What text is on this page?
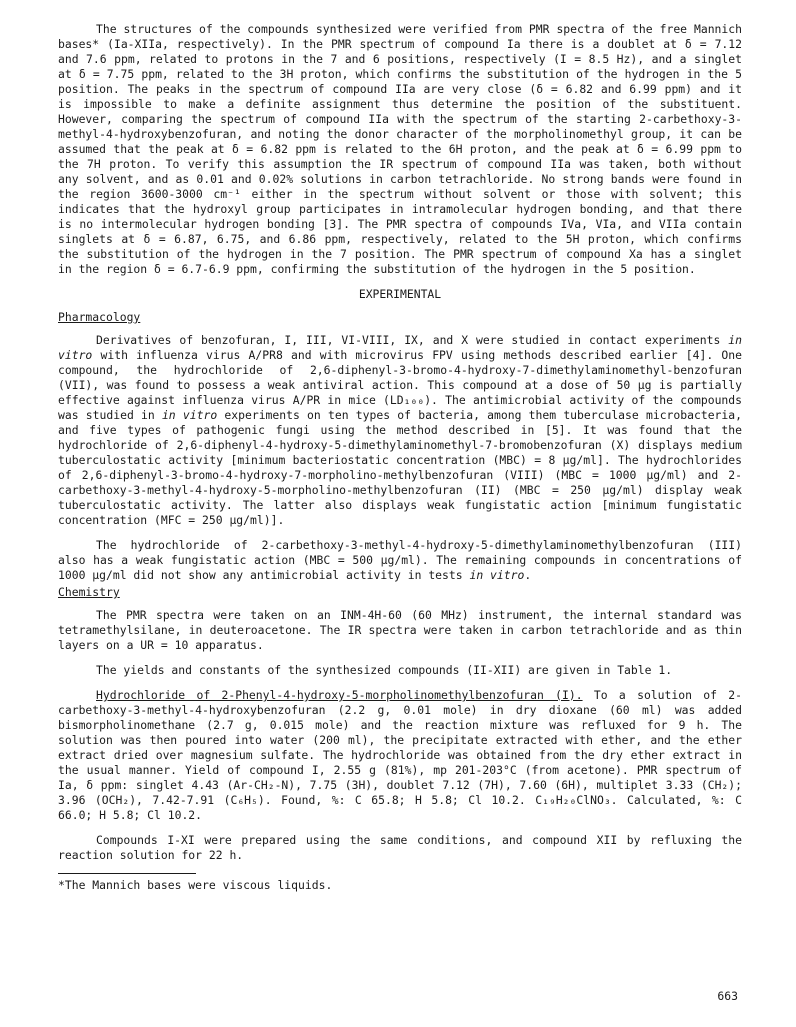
The structures of the compounds synthesized were verified from PMR spectra of the free Mannich bases* (Ia-XIIa, respectively). In the PMR spectrum of compound Ia there is a doublet at δ = 7.12 and 7.6 ppm, related to protons in the 7 and 6 positions, respectively (I = 8.5 Hz), and a singlet at δ = 7.75 ppm, related to the 3H proton, which confirms the substitution of the hydrogen in the 5 position. The peaks in the spectrum of compound IIa are very close (δ = 6.82 and 6.99 ppm) and it is impossible to make a definite assignment thus determine the position of the substituent. However, comparing the spectrum of compound IIa with the spectrum of the starting 2-carbethoxy-3-methyl-4-hydroxybenzofuran, and noting the donor character of the morpholinomethyl group, it can be assumed that the peak at δ = 6.82 ppm is related to the 6H proton, and the peak at δ = 6.99 ppm to the 7H proton. To verify this assumption the IR spectrum of compound IIa was taken, both without any solvent, and as 0.01 and 0.02% solutions in carbon tetrachloride. No strong bands were found in the region 3600-3000 cm⁻¹ either in the spectrum without solvent or those with solvent; this indicates that the hydroxyl group participates in intramolecular hydrogen bonding, and that there is no intermolecular hydrogen bonding [3]. The PMR spectra of compounds IVa, VIa, and VIIa contain singlets at δ = 6.87, 6.75, and 6.86 ppm, respectively, related to the 5H proton, which confirms the substitution of the hydrogen in the 7 position. The PMR spectrum of compound Xa has a singlet in the region δ = 6.7-6.9 ppm, confirming the substitution of the hydrogen in the 5 position.

EXPERIMENTAL

Pharmacology

Derivatives of benzofuran, I, III, VI-VIII, IX, and X were studied in contact experiments in vitro with influenza virus A/PR8 and with microvirus FPV using methods described earlier [4]. One compound, the hydrochloride of 2,6-diphenyl-3-bromo-4-hydroxy-7-dimethylaminomethyl-benzofuran (VII), was found to possess a weak antiviral action. This compound at a dose of 50 μg is partially effective against influenza virus A/PR in mice (LD₁₀₀). The antimicrobial activity of the compounds was studied in in vitro experiments on ten types of bacteria, among them tuberculase microbacteria, and five types of pathogenic fungi using the method described in [5]. It was found that the hydrochloride of 2,6-diphenyl-4-hydroxy-5-dimethylaminomethyl-7-bromobenzofuran (X) displays medium tuberculostatic activity [minimum bacteriostatic concentration (MBC) = 8 μg/ml]. The hydrochlorides of 2,6-diphenyl-3-bromo-4-hydroxy-7-morpholino-methylbenzofuran (VIII) (MBC = 1000 μg/ml) and 2-carbethoxy-3-methyl-4-hydroxy-5-morpholino-methylbenzofuran (II) (MBC = 250 μg/ml) display weak tuberculostatic activity. The latter also displays weak fungistatic action [minimum fungistatic concentration (MFC = 250 μg/ml)].

The hydrochloride of 2-carbethoxy-3-methyl-4-hydroxy-5-dimethylaminomethylbenzofuran (III) also has a weak fungistatic action (MBC = 500 μg/ml). The remaining compounds in concentrations of 1000 μg/ml did not show any antimicrobial activity in tests in vitro.

Chemistry

The PMR spectra were taken on an INM-4H-60 (60 MHz) instrument, the internal standard was tetramethylsilane, in deuteroacetone. The IR spectra were taken in carbon tetrachloride and as thin layers on a UR = 10 apparatus.

The yields and constants of the synthesized compounds (II-XII) are given in Table 1.

Hydrochloride of 2-Phenyl-4-hydroxy-5-morpholinomethylbenzofuran (I). To a solution of 2-carbethoxy-3-methyl-4-hydroxybenzofuran (2.2 g, 0.01 mole) in dry dioxane (60 ml) was added bismorpholinomethane (2.7 g, 0.015 mole) and the reaction mixture was refluxed for 9 h. The solution was then poured into water (200 ml), the precipitate extracted with ether, and the ether extract dried over magnesium sulfate. The hydrochloride was obtained from the dry ether extract in the usual manner. Yield of compound I, 2.55 g (81%), mp 201-203°C (from acetone). PMR spectrum of Ia, δ ppm: singlet 4.43 (Ar-CH₂-N), 7.75 (3H), doublet 7.12 (7H), 7.60 (6H), multiplet 3.33 (CH₂); 3.96 (OCH₂), 7.42-7.91 (C₆H₅). Found, %: C 65.8; H 5.8; Cl 10.2. C₁₉H₂₀ClNO₃. Calculated, %: C 66.0; H 5.8; Cl 10.2.

Compounds I-XI were prepared using the same conditions, and compound XII by refluxing the reaction solution for 22 h.

*The Mannich bases were viscous liquids.

663
